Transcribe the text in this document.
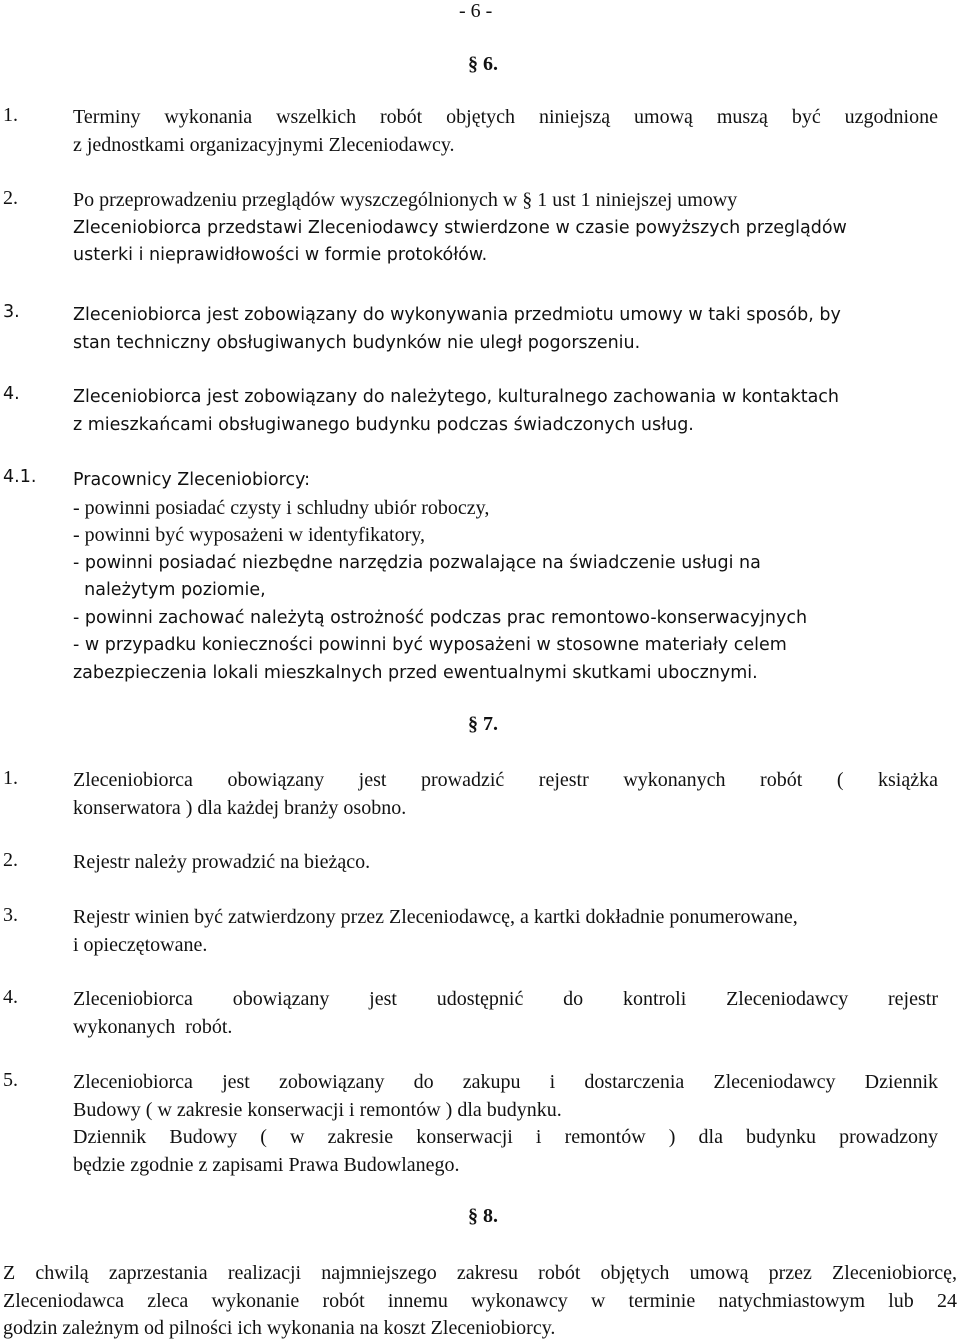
- 6 -
§ 6.
1.	Terminy wykonania wszelkich robót objętych niniejszą umową muszą być uzgodnione
z jednostkami organizacyjnymi Zleceniodawcy.
2.	Po przeprowadzeniu przeglądów wyszczególnionych w § 1 ust 1 niniejszej umowy
Zleceniobiorca przedstawi Zleceniodawcy stwierdzone w czasie powyższych przeglądów
usterki i nieprawidłowości w formie protokółów.
3.	Zleceniobiorca jest zobowiązany do wykonywania przedmiotu umowy w taki sposób, by
stan techniczny obsługiwanych budynków nie uległ pogorszeniu.
4.	Zleceniobiorca jest zobowiązany do należytego, kulturalnego zachowania w kontaktach
z mieszkańcami obsługiwanego budynku podczas świadczonych usług.
4.1. Pracownicy Zleceniobiorcy:
- powinni posiadać czysty i schludny ubiór roboczy,
- powinni być wyposażeni w identyfikatory,
- powinni posiadać niezbędne narzędzia pozwalające na świadczenie usługi na
należytym poziomie,
- powinni zachować należytą ostrożność podczas prac remontowo-konserwacyjnych
- w przypadku konieczności powinni być wyposażeni w stosowne materiały celem
zabezpieczenia lokali mieszkalnych przed ewentualnymi skutkami ubocznymi.
§ 7.
1.	Zleceniobiorca obowiązany jest prowadzić rejestr wykonanych robót ( książka
konserwatora ) dla każdej branży osobno.
2.	Rejestr należy prowadzić na bieżąco.
3.	Rejestr winien być zatwierdzony przez Zleceniodawcę, a kartki dokładnie ponumerowane,
i opieczętowane.
4.	Zleceniobiorca obowiązany jest udostępnić do kontroli Zleceniodawcy rejestr
wykonanych  robót.
5.	Zleceniobiorca jest zobowiązany do zakupu i dostarczenia Zleceniodawcy Dziennik
Budowy ( w zakresie konserwacji i remontów ) dla budynku.
Dziennik Budowy ( w zakresie konserwacji i remontów ) dla budynku prowadzony
będzie zgodnie z zapisami Prawa Budowlanego.
§ 8.
Z chwilą zaprzestania realizacji najmniejszego zakresu robót objętych umową przez Zleceniobiorcę,
Zleceniodawca zleca wykonanie robót innemu wykonawcy w terminie natychmiastowym lub 24
godzin zależnym od pilności ich wykonania na koszt Zleceniobiorcy.
